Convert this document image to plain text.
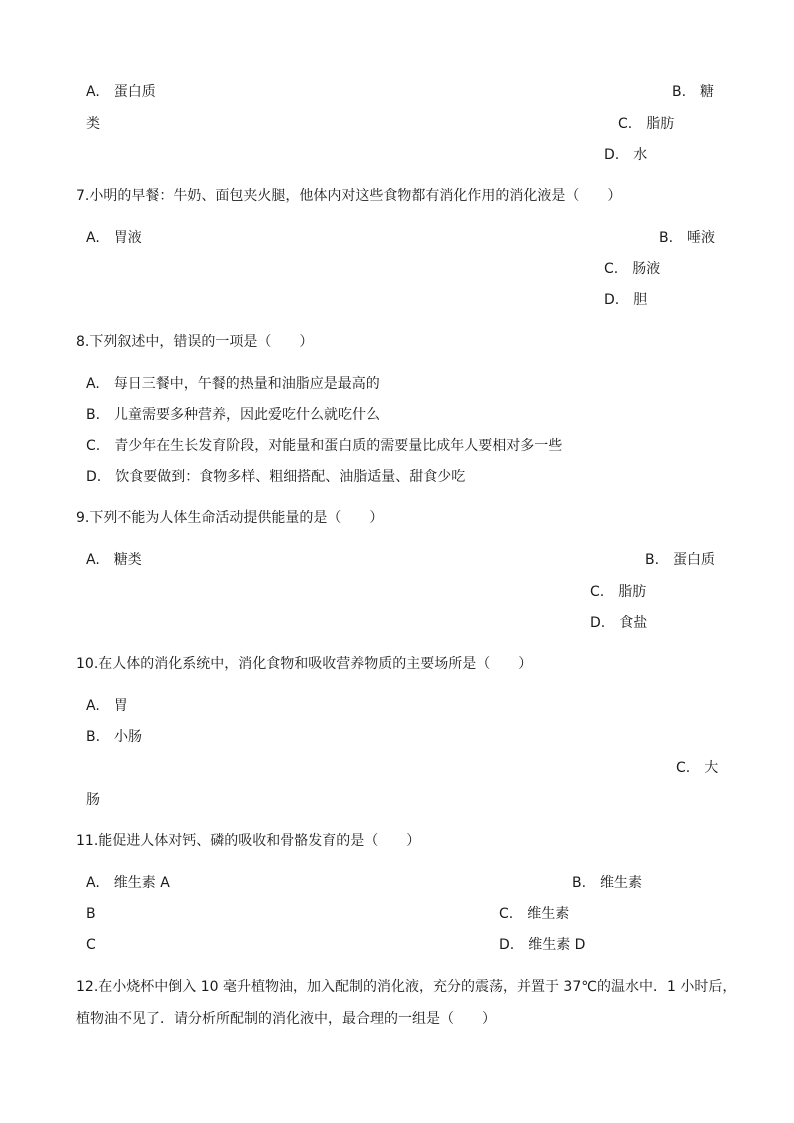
A.　蛋白质	B.　糖
类	C.　脂肪
D.　水
7.小明的早餐：牛奶、面包夹火腿，他体内对这些食物都有消化作用的消化液是（　　）
A.　胃液	B.　唾液
C.　肠液
D.　胆
8.下列叙述中，错误的一项是（　　）
A.　每日三餐中，午餐的热量和油脂应是最高的
B.　儿童需要多种营养，因此爱吃什么就吃什么
C.　青少年在生长发育阶段，对能量和蛋白质的需要量比成年人要相对多一些
D.　饮食要做到：食物多样、粗细搭配、油脂适量、甜食少吃
9.下列不能为人体生命活动提供能量的是（　　）
A.　糖类	B.　蛋白质
C.　脂肪
D.　食盐
10.在人体的消化系统中，消化食物和吸收营养物质的主要场所是（　　）
A.　胃
B.　小肠
C.　大
肠
11.能促进人体对钙、磷的吸收和骨骼发育的是（　　）
A.　维生素 A	B.　维生素
B	C.　维生素
C	D.　维生素 D
12.在小烧杯中倒入 10 毫升植物油，加入配制的消化液，充分的震荡，并置于 37℃的温水中．1 小时后，
植物油不见了．请分析所配制的消化液中，最合理的一组是（　　）
